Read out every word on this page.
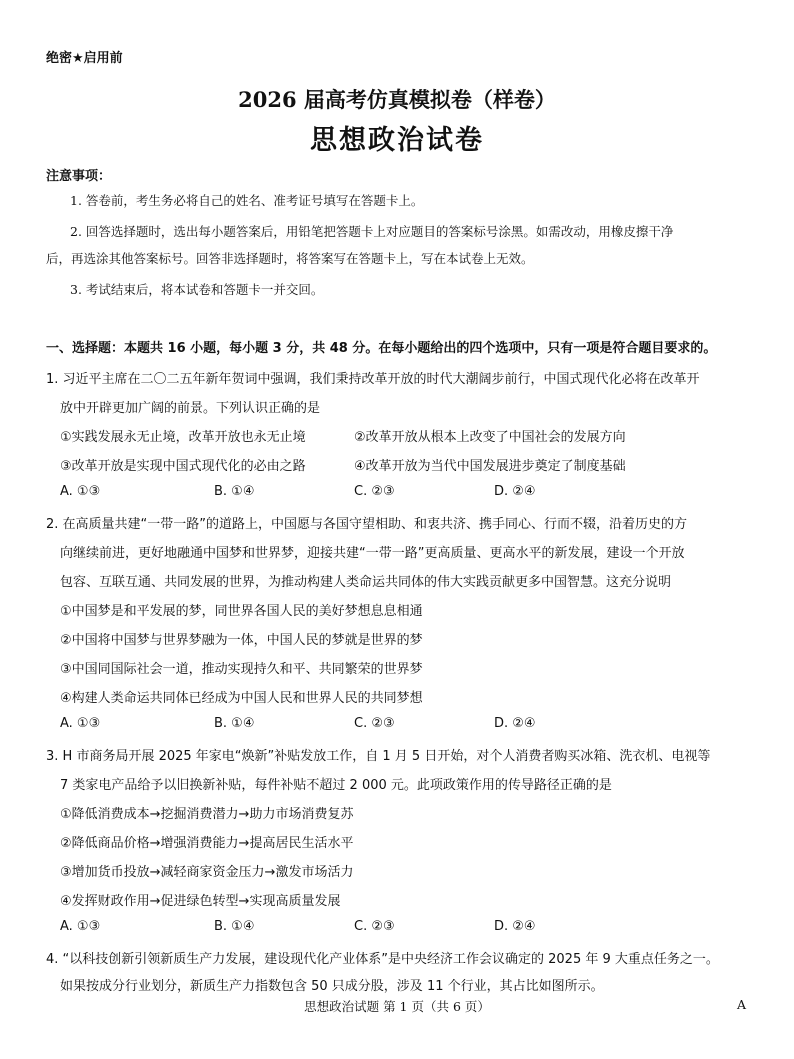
绝密★启用前
2026 届高考仿真模拟卷（样卷）
思想政治试卷
注意事项：
1. 答卷前，考生务必将自己的姓名、准考证号填写在答题卡上。
2. 回答选择题时，选出每小题答案后，用铅笔把答题卡上对应题目的答案标号涂黑。如需改动，用橡皮擦干净
后，再选涂其他答案标号。回答非选择题时，将答案写在答题卡上，写在本试卷上无效。
3. 考试结束后，将本试卷和答题卡一并交回。
一、选择题：本题共 16 小题，每小题 3 分，共 48 分。在每小题给出的四个选项中，只有一项是符合题目要求的。
1. 习近平主席在二〇二五年新年贺词中强调，我们秉持改革开放的时代大潮阔步前行，中国式现代化必将在改革开
放中开辟更加广阔的前景。下列认识正确的是
①实践发展永无止境，改革开放也永无止境	②改革开放从根本上改变了中国社会的发展方向
③改革开放是实现中国式现代化的必由之路	④改革开放为当代中国发展进步奠定了制度基础
A. ①③	B. ①④	C. ②③	D. ②④
2. 在高质量共建“一带一路”的道路上，中国愿与各国守望相助、和衷共济、携手同心、行而不辍，沿着历史的方
向继续前进，更好地融通中国梦和世界梦，迎接共建“一带一路”更高质量、更高水平的新发展，建设一个开放
包容、互联互通、共同发展的世界，为推动构建人类命运共同体的伟大实践贡献更多中国智慧。这充分说明
①中国梦是和平发展的梦，同世界各国人民的美好梦想息息相通
②中国将中国梦与世界梦融为一体，中国人民的梦就是世界的梦
③中国同国际社会一道，推动实现持久和平、共同繁荣的世界梦
④构建人类命运共同体已经成为中国人民和世界人民的共同梦想
A. ①③	B. ①④	C. ②③	D. ②④
3. H 市商务局开展 2025 年家电“焕新”补贴发放工作，自 1 月 5 日开始，对个人消费者购买冰箱、洗衣机、电视等
7 类家电产品给予以旧换新补贴，每件补贴不超过 2 000 元。此项政策作用的传导路径正确的是
①降低消费成本→挖掘消费潜力→助力市场消费复苏
②降低商品价格→增强消费能力→提高居民生活水平
③增加货币投放→减轻商家资金压力→激发市场活力
④发挥财政作用→促进绿色转型→实现高质量发展
A. ①③	B. ①④	C. ②③	D. ②④
4. “以科技创新引领新质生产力发展，建设现代化产业体系”是中央经济工作会议确定的 2025 年 9 大重点任务之一。
如果按成分行业划分，新质生产力指数包含 50 只成分股，涉及 11 个行业，其占比如图所示。
思想政治试题 第 1 页（共 6 页）	A
